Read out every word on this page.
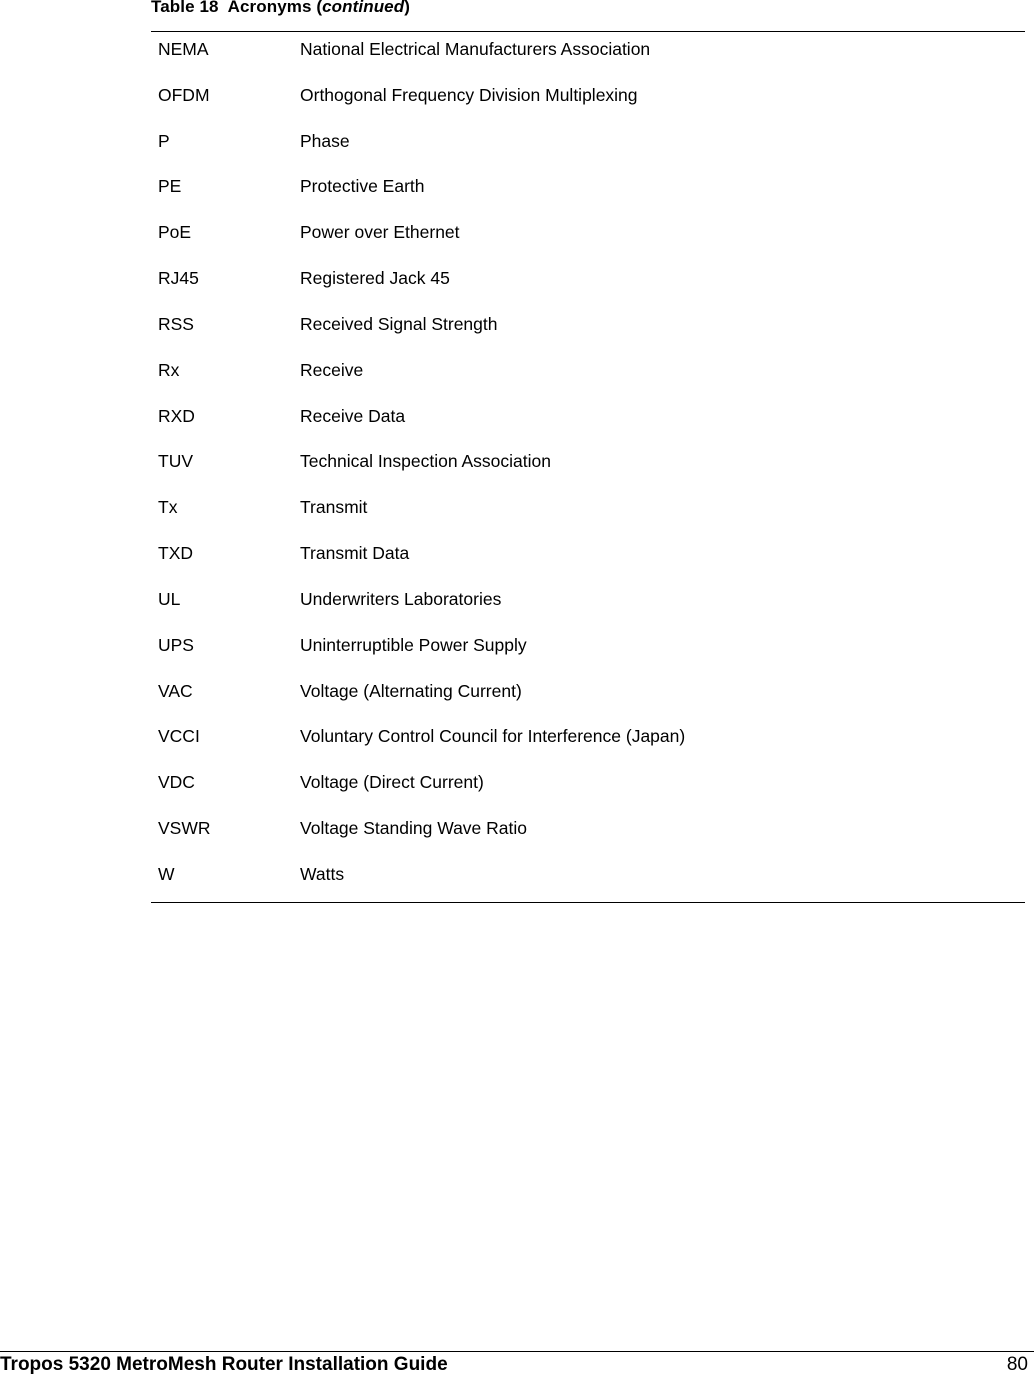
Table 18 Acronyms (continued)
NEMA	National Electrical Manufacturers Association
OFDM	Orthogonal Frequency Division Multiplexing
P	Phase
PE	Protective Earth
PoE	Power over Ethernet
RJ45	Registered Jack 45
RSS	Received Signal Strength
Rx	Receive
RXD	Receive Data
TUV	Technical Inspection Association
Tx	Transmit
TXD	Transmit Data
UL	Underwriters Laboratories
UPS	Uninterruptible Power Supply
VAC	Voltage (Alternating Current)
VCCI	Voluntary Control Council for Interference (Japan)
VDC	Voltage (Direct Current)
VSWR	Voltage Standing Wave Ratio
W	Watts
Tropos 5320 MetroMesh Router Installation Guide	80
